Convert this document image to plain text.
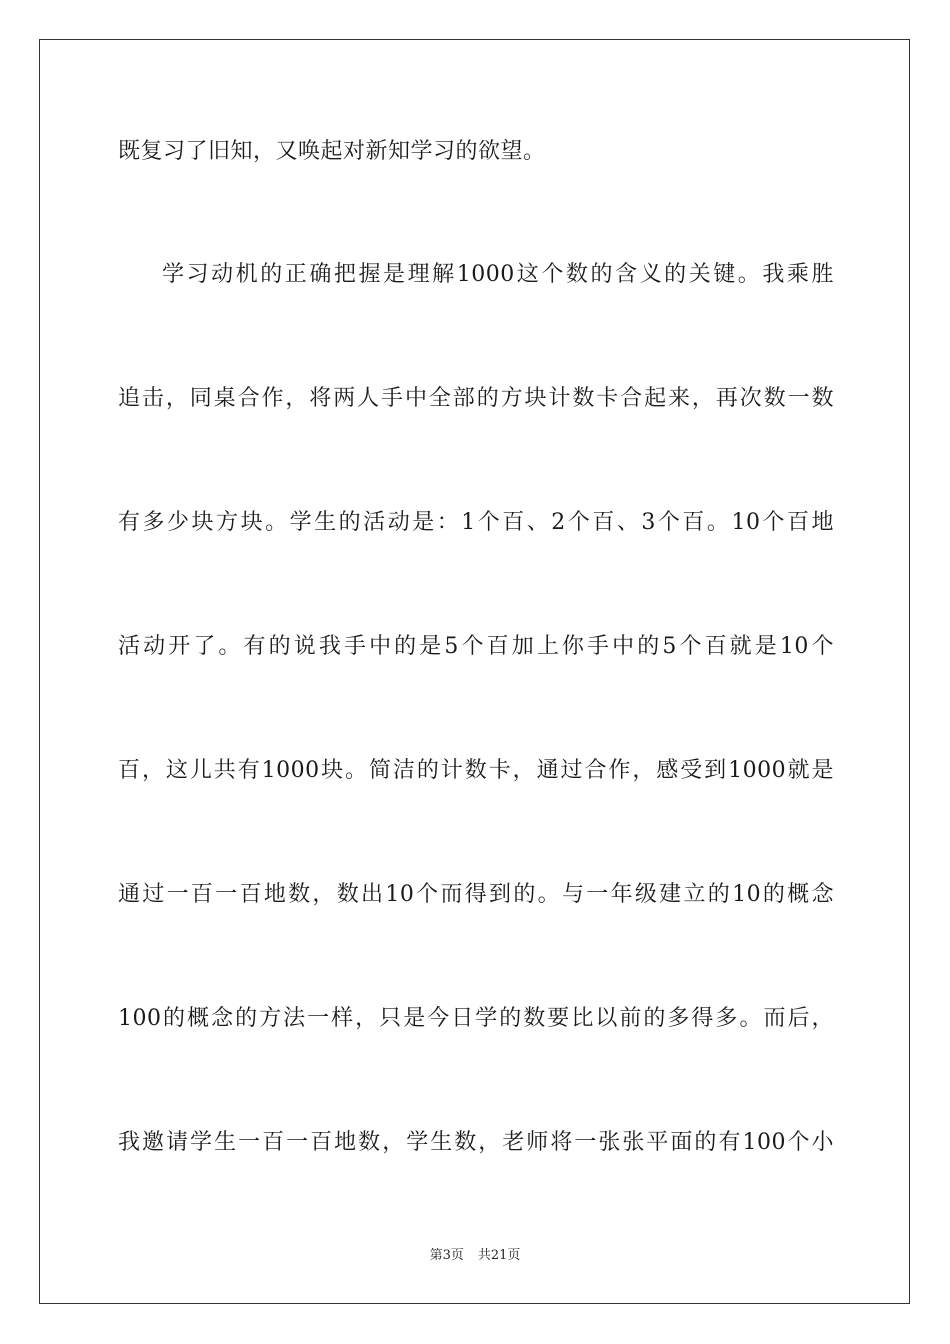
既复习了旧知，又唤起对新知学习的欲望。
学习动机的正确把握是理解1000这个数的含义的关键。我乘胜
追击，同桌合作，将两人手中全部的方块计数卡合起来，再次数一数
有多少块方块。学生的活动是：1个百、2个百、3个百。10个百地
活动开了。有的说我手中的是5个百加上你手中的5个百就是10个
百，这儿共有1000块。简洁的计数卡，通过合作，感受到1000就是
通过一百一百地数，数出10个而得到的。与一年级建立的10的概念
100的概念的方法一样，只是今日学的数要比以前的多得多。而后，
我邀请学生一百一百地数，学生数，老师将一张张平面的有100个小
第3页 共21页
